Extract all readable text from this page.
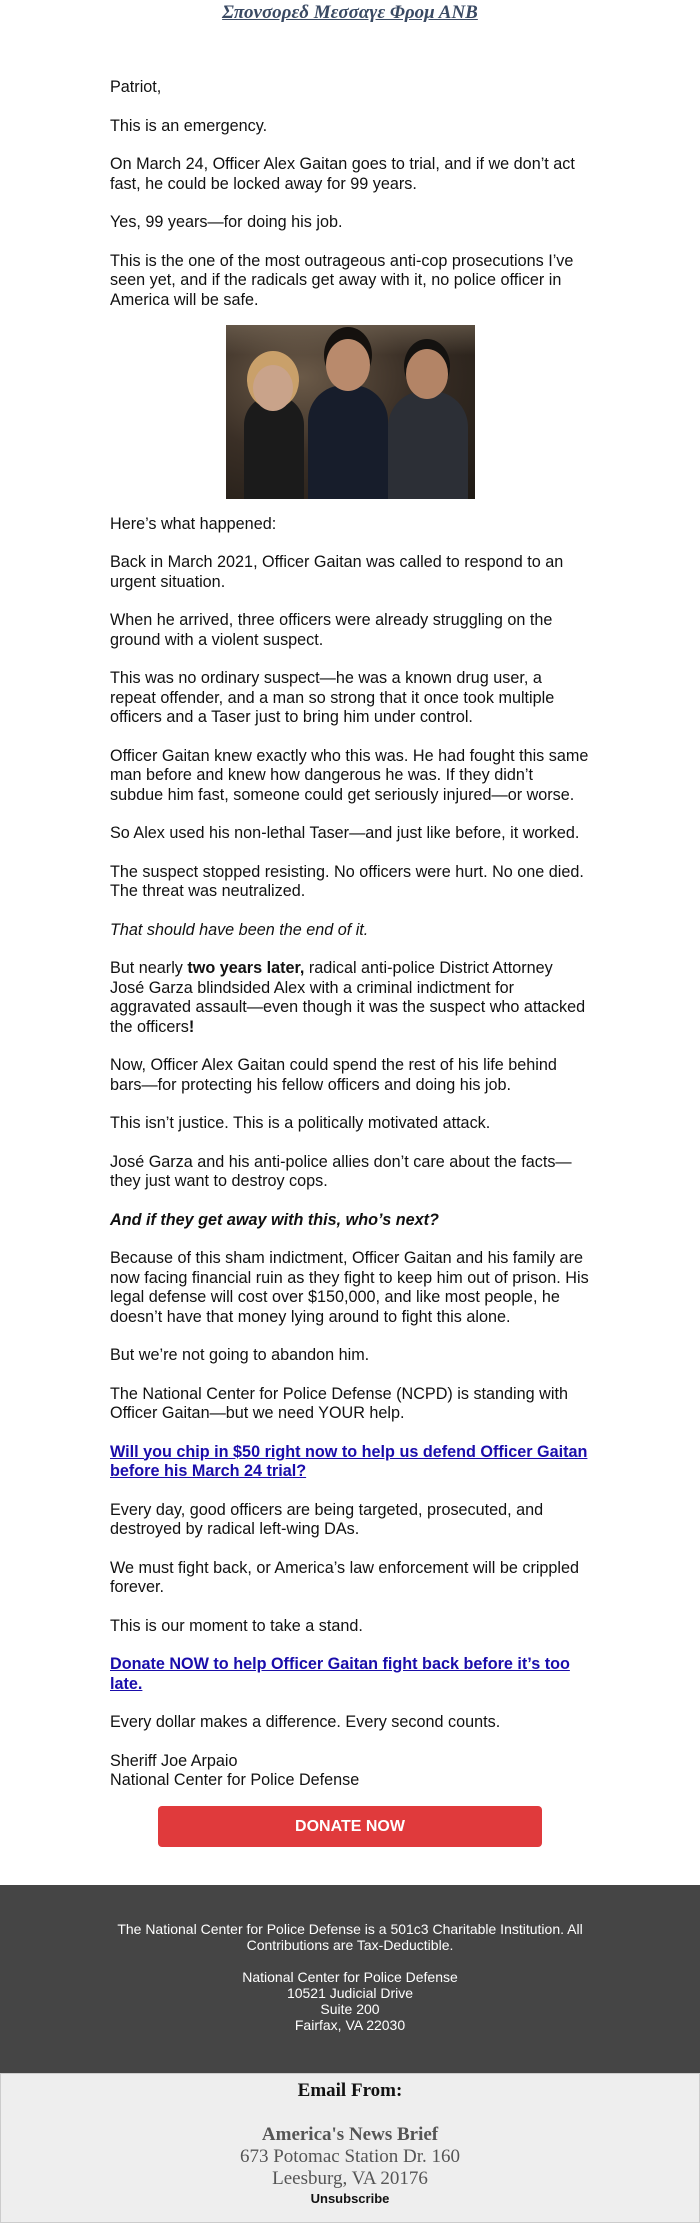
Σπονσορεδ Μεσσαγε Φρομ ΑΝΒ

Patriot,

This is an emergency.

On March 24, Officer Alex Gaitan goes to trial, and if we don’t act fast, he could be locked away for 99 years.

Yes, 99 years—for doing his job.

This is the one of the most outrageous anti-cop prosecutions I’ve seen yet, and if the radicals get away with it, no police officer in America will be safe.

Here’s what happened:

Back in March 2021, Officer Gaitan was called to respond to an urgent situation.

When he arrived, three officers were already struggling on the ground with a violent suspect.

This was no ordinary suspect—he was a known drug user, a repeat offender, and a man so strong that it once took multiple officers and a Taser just to bring him under control.

Officer Gaitan knew exactly who this was. He had fought this same man before and knew how dangerous he was. If they didn’t subdue him fast, someone could get seriously injured—or worse.

So Alex used his non-lethal Taser—and just like before, it worked.

The suspect stopped resisting. No officers were hurt. No one died. The threat was neutralized.

That should have been the end of it.

But nearly two years later, radical anti-police District Attorney José Garza blindsided Alex with a criminal indictment for aggravated assault—even though it was the suspect who attacked the officers!

Now, Officer Alex Gaitan could spend the rest of his life behind bars—for protecting his fellow officers and doing his job.

This isn’t justice. This is a politically motivated attack.

José Garza and his anti-police allies don’t care about the facts—they just want to destroy cops.

And if they get away with this, who’s next?

Because of this sham indictment, Officer Gaitan and his family are now facing financial ruin as they fight to keep him out of prison. His legal defense will cost over $150,000, and like most people, he doesn’t have that money lying around to fight this alone.

But we’re not going to abandon him.

The National Center for Police Defense (NCPD) is standing with Officer Gaitan—but we need YOUR help.

Will you chip in $50 right now to help us defend Officer Gaitan before his March 24 trial?

Every day, good officers are being targeted, prosecuted, and destroyed by radical left-wing DAs.

We must fight back, or America’s law enforcement will be crippled forever.

This is our moment to take a stand.

Donate NOW to help Officer Gaitan fight back before it’s too late.

Every dollar makes a difference. Every second counts.

Sheriff Joe Arpaio
National Center for Police Defense

DONATE NOW

The National Center for Police Defense is a 501c3 Charitable Institution. All Contributions are Tax-Deductible.

National Center for Police Defense
10521 Judicial Drive
Suite 200
Fairfax, VA 22030
Email From:
America's News Brief
673 Potomac Station Dr. 160
Leesburg, VA 20176
Unsubscribe
